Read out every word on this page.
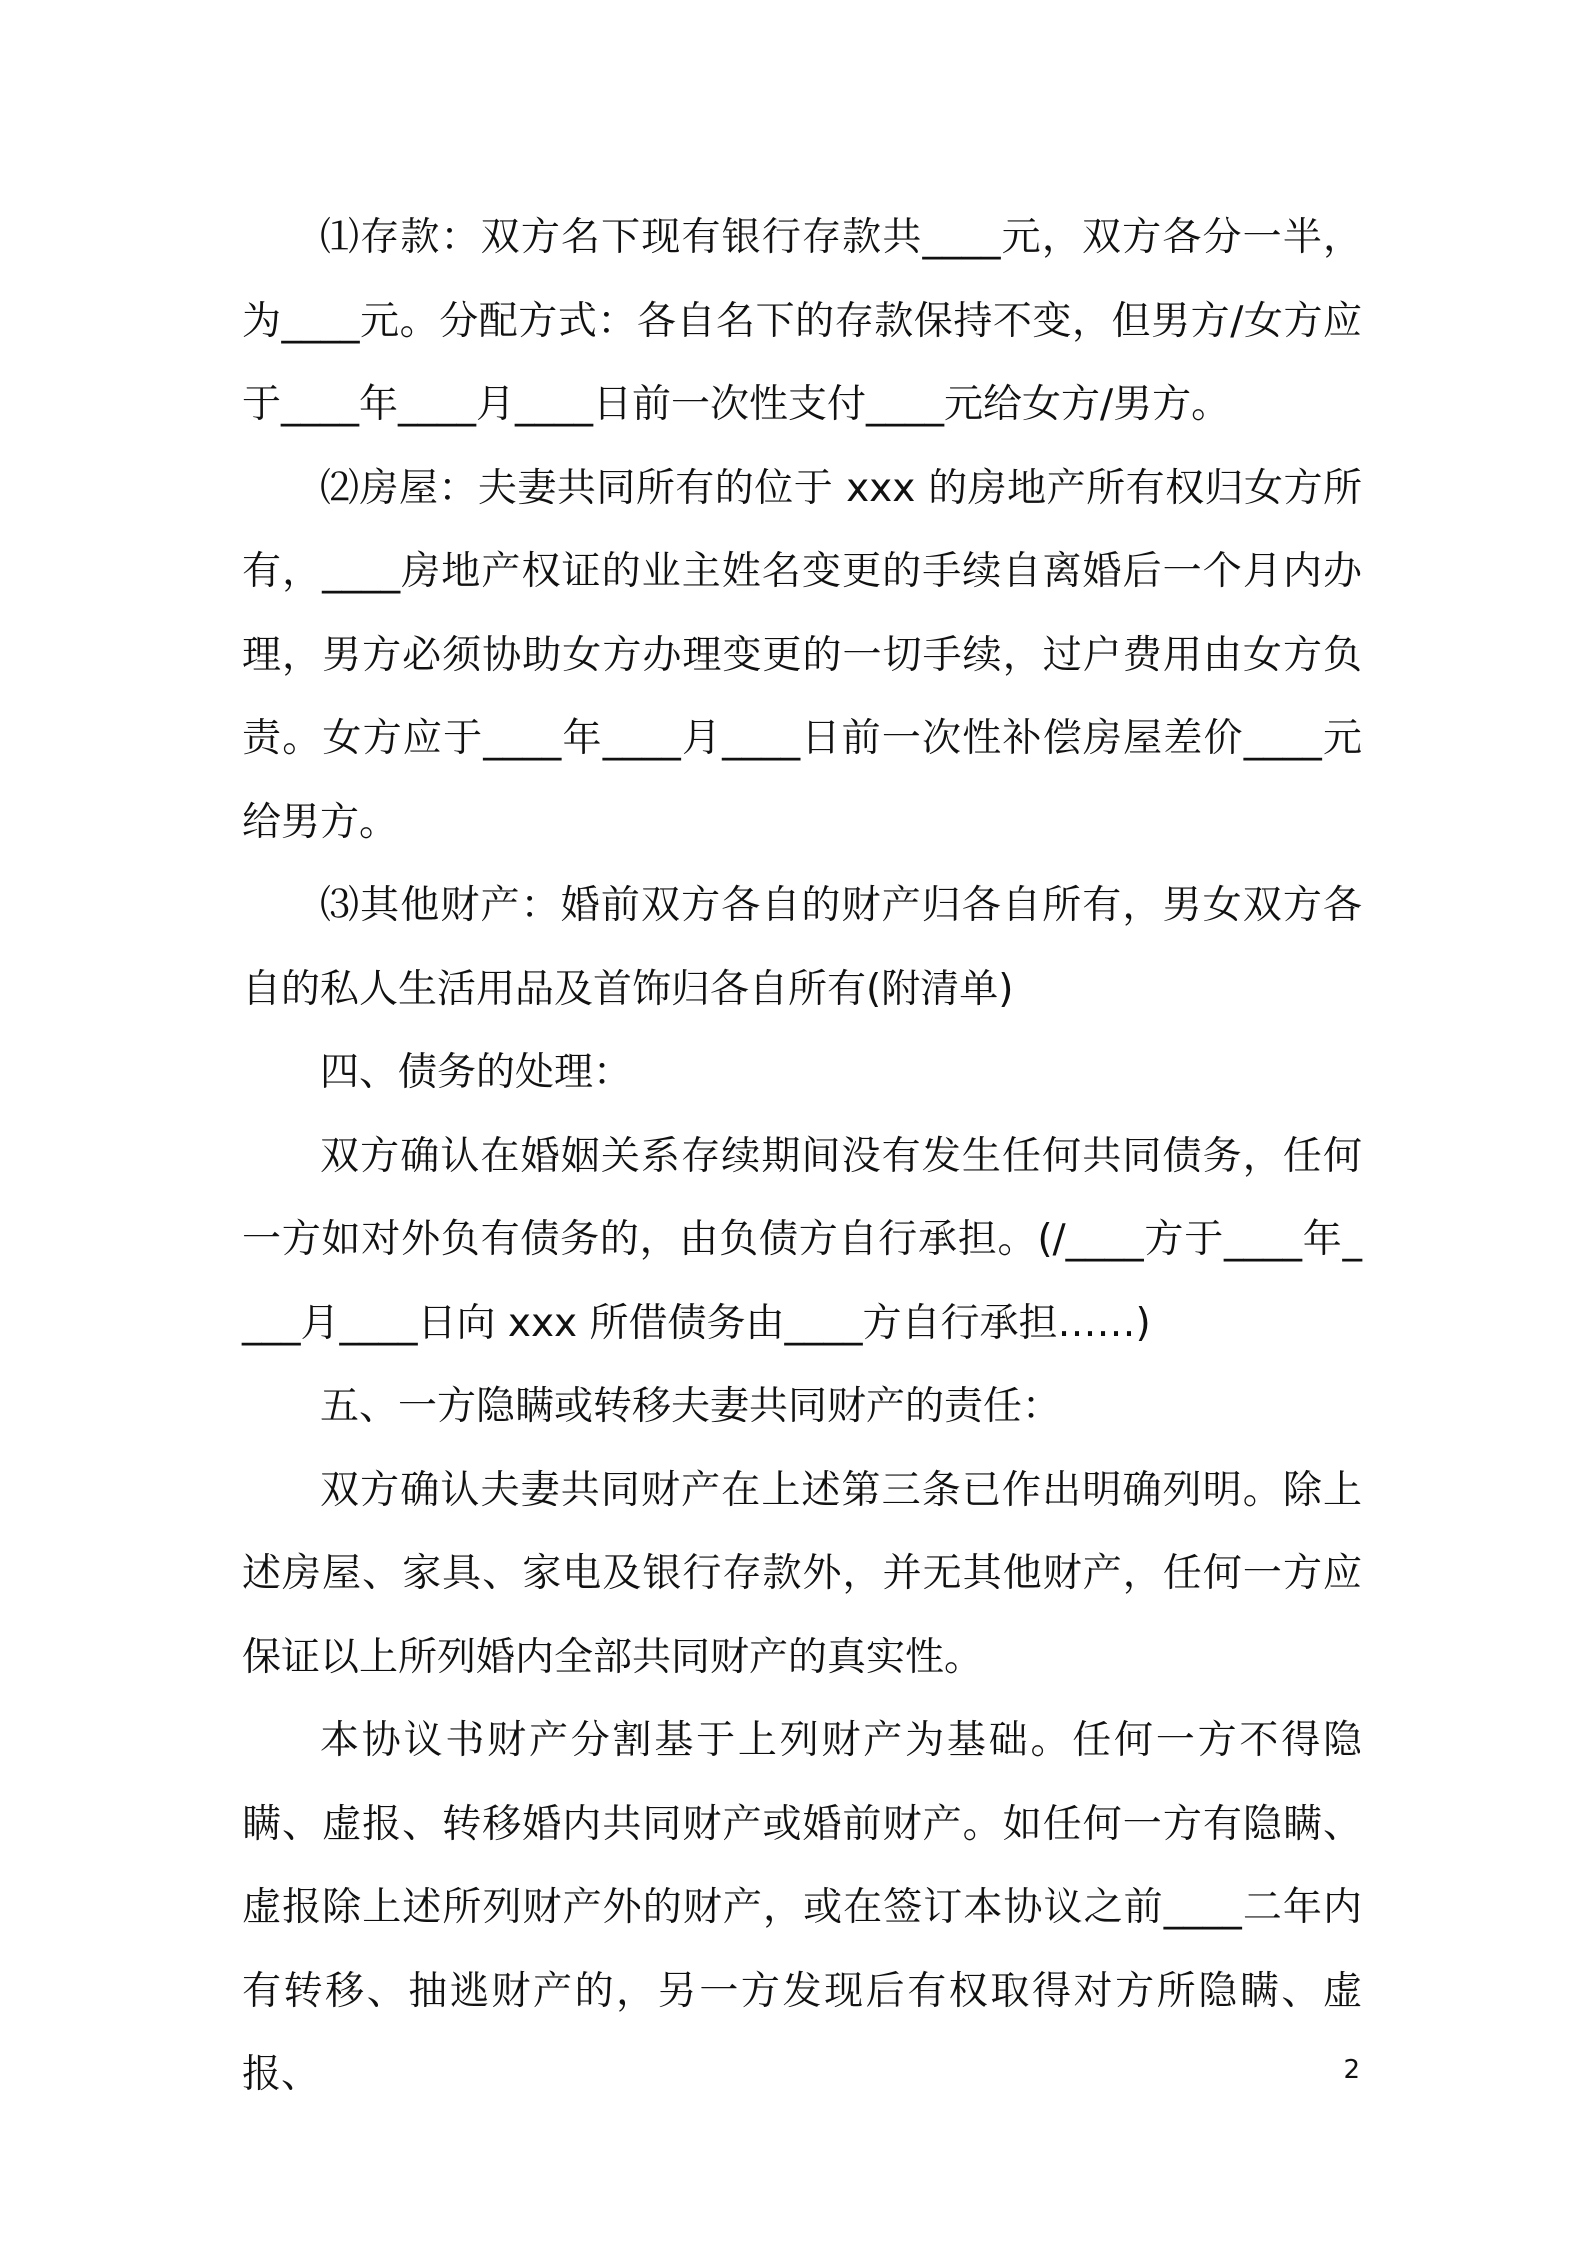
⑴存款：双方名下现有银行存款共____元，双方各分一半，为____元。分配方式：各自名下的存款保持不变，但男方/女方应于____年____月____日前一次性支付____元给女方/男方。

⑵房屋：夫妻共同所有的位于 xxx 的房地产所有权归女方所有，____房地产权证的业主姓名变更的手续自离婚后一个月内办理，男方必须协助女方办理变更的一切手续，过户费用由女方负责。女方应于____年____月____日前一次性补偿房屋差价____元给男方。

⑶其他财产：婚前双方各自的财产归各自所有，男女双方各自的私人生活用品及首饰归各自所有(附清单)

四、债务的处理：

双方确认在婚姻关系存续期间没有发生任何共同债务，任何一方如对外负有债务的，由负债方自行承担。(/____方于____年____月____日向 xxx 所借债务由____方自行承担……)

五、一方隐瞒或转移夫妻共同财产的责任：

双方确认夫妻共同财产在上述第三条已作出明确列明。除上述房屋、家具、家电及银行存款外，并无其他财产，任何一方应保证以上所列婚内全部共同财产的真实性。

本协议书财产分割基于上列财产为基础。任何一方不得隐瞒、虚报、转移婚内共同财产或婚前财产。如任何一方有隐瞒、虚报除上述所列财产外的财产，或在签订本协议之前____二年内有转移、抽逃财产的，另一方发现后有权取得对方所隐瞒、虚报、	2
